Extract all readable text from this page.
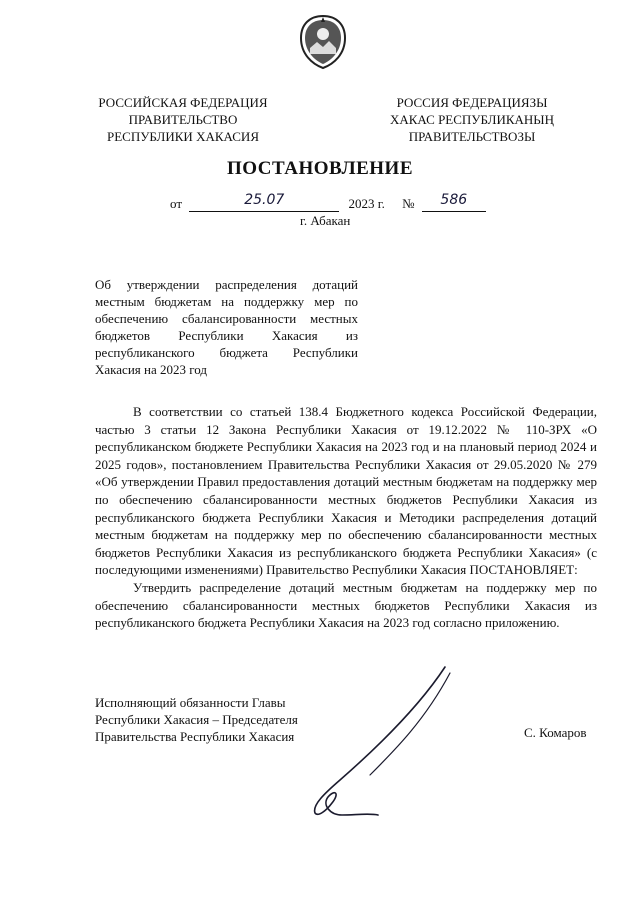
РОССИЙСКАЯ ФЕДЕРАЦИЯ
ПРАВИТЕЛЬСТВО
РЕСПУБЛИКИ ХАКАСИЯ
РОССИЯ ФЕДЕРАЦИЯЗЫ
ХАКАС РЕСПУБЛИКАНЫҢ
ПРАВИТЕЛЬСТВОЗЫ
ПОСТАНОВЛЕНИЕ
от	25.07	2023 г. № 586
г. Абакан
Об утверждении распределения дотаций местным бюджетам на поддержку мер по обеспечению сбалансированности местных бюджетов Республики Хакасия из республиканского бюджета Республики Хакасия на 2023 год

В соответствии со статьей 138.4 Бюджетного кодекса Российской Федерации, частью 3 статьи 12 Закона Республики Хакасия от 19.12.2022 № 110-ЗРХ «О республиканском бюджете Республики Хакасия на 2023 год и на плановый период 2024 и 2025 годов», постановлением Правительства Республики Хакасия от 29.05.2020 № 279 «Об утверждении Правил предоставления дотаций местным бюджетам на поддержку мер по обеспечению сбалансированности местных бюджетов Республики Хакасия из республиканского бюджета Республики Хакасия и Методики распределения дотаций местным бюджетам на поддержку мер по обеспечению сбалансированности местных бюджетов Республики Хакасия из республиканского бюджета Республики Хакасия» (с последующими изменениями) Правительство Республики Хакасия ПОСТАНОВЛЯЕТ:

Утвердить распределение дотаций местным бюджетам на поддержку мер по обеспечению сбалансированности местных бюджетов Республики Хакасия из республиканского бюджета Республики Хакасия на 2023 год согласно приложению.

Исполняющий обязанности Главы
Республики Хакасия – Председателя
Правительства Республики Хакасия	С. Комаров
